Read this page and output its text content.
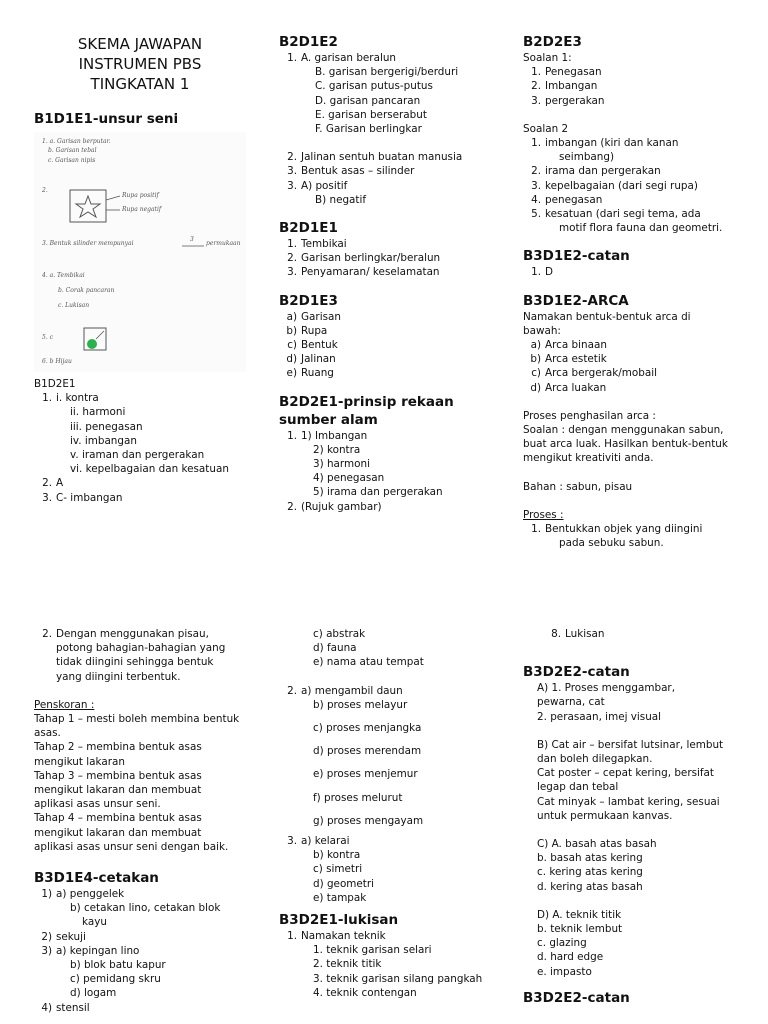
SKEMA JAWAPAN
INSTRUMEN PBS
TINGKATAN 1
B1D1E1-unsur seni
1. a. Garisan berputar.
b. Garisan tebal
c. Garisan nipis
2.
Rupa positif
Rupa negatif
3. Bentuk silinder mempunyai
3
permukaan
4. a. Tembikai
b. Corak pancaran
c. Lukisan
5. c
6. b Hijau
B1D2E1
1. i. kontra
ii. harmoni
iii. penegasan
iv. imbangan
v. iraman dan pergerakan
vi. kepelbagaian dan kesatuan
2. A
3. C- imbangan
2. Dengan menggunakan pisau,
potong bahagian-bahagian yang
tidak diingini sehingga bentuk
yang diingini terbentuk.
Penskoran :
Tahap 1 – mesti boleh membina bentuk
asas.
Tahap 2 – membina bentuk asas
mengikut lakaran
Tahap 3 – membina bentuk asas
mengikut lakaran dan membuat
aplikasi asas unsur seni.
Tahap 4 – membina bentuk asas
mengikut lakaran dan membuat
aplikasi asas unsur seni dengan baik.
B3D1E4-cetakan
1) a) penggelek
b) cetakan lino, cetakan blok
kayu
2) sekuji
3) a) kepingan lino
b) blok batu kapur
c) pemidang skru
d) logam
4) stensil
B2D1E2
1. A. garisan beralun
B. garisan bergerigi/berduri
C. garisan putus-putus
D. garisan pancaran
E. garisan berserabut
F. Garisan berlingkar
2. Jalinan sentuh buatan manusia
3. Bentuk asas – silinder
3. A) positif
B) negatif
B2D1E1
1. Tembikai
2. Garisan berlingkar/beralun
3. Penyamaran/ keselamatan
B2D1E3
a) Garisan
b) Rupa
c) Bentuk
d) Jalinan
e) Ruang
B2D2E1-prinsip rekaan
sumber alam
1. 1) Imbangan
2) kontra
3) harmoni
4) penegasan
5) irama dan pergerakan
2. (Rujuk gambar)
c) abstrak
d) fauna
e) nama atau tempat
2. a) mengambil daun
b) proses melayur
c) proses menjangka
d) proses merendam
e) proses menjemur
f) proses melurut
g) proses mengayam
3. a) kelarai
b) kontra
c) simetri
d) geometri
e) tampak
B3D2E1-lukisan
1. Namakan teknik
1. teknik garisan selari
2. teknik titik
3. teknik garisan silang pangkah
4. teknik contengan
B2D2E3
Soalan 1:
1. Penegasan
2. Imbangan
3. pergerakan
Soalan 2
1. imbangan (kiri dan kanan
seimbang)
2. irama dan pergerakan
3. kepelbagaian (dari segi rupa)
4. penegasan
5. kesatuan (dari segi tema, ada
motif flora fauna dan geometri.
B3D1E2-catan
1. D
B3D1E2-ARCA
Namakan bentuk-bentuk arca di
bawah:
a) Arca binaan
b) Arca estetik
c) Arca bergerak/mobail
d) Arca luakan
Proses penghasilan arca :
Soalan : dengan menggunakan sabun,
buat arca luak. Hasilkan bentuk-bentuk
mengikut kreativiti anda.
Bahan : sabun, pisau
Proses :
1. Bentukkan objek yang diingini
pada sebuku sabun.
8. Lukisan
B3D2E2-catan
A) 1. Proses menggambar,
pewarna, cat
2. perasaan, imej visual
B) Cat air – bersifat lutsinar, lembut
dan boleh dilegapkan.
Cat poster – cepat kering, bersifat
legap dan tebal
Cat minyak – lambat kering, sesuai
untuk permukaan kanvas.
C) A. basah atas basah
b. basah atas kering
c. kering atas kering
d. kering atas basah
D) A. teknik titik
b. teknik lembut
c. glazing
d. hard edge
e. impasto
B3D2E2-catan
